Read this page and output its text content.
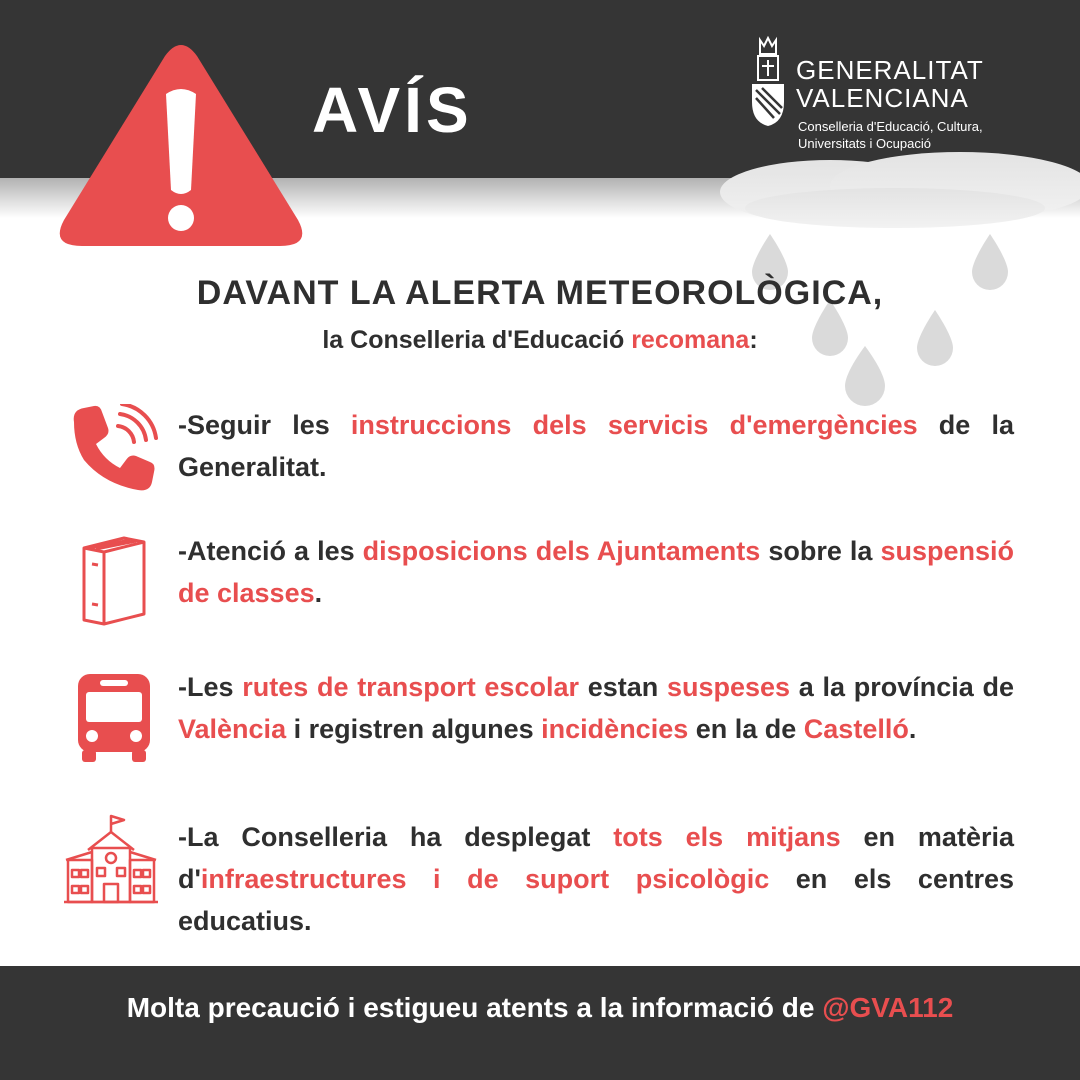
AVÍS
GENERALITAT
VALENCIANA
Conselleria d'Educació, Cultura,
Universitats i Ocupació
DAVANT LA ALERTA METEOROLÒGICA,
la Conselleria d'Educació recomana:
-Seguir les instruccions dels servicis d'emergències de la Generalitat.
-Atenció a les disposicions dels Ajuntaments sobre la suspensió de classes.
-Les rutes de transport escolar estan suspeses a la província de València i registren algunes incidències en la de Castelló.
-La Conselleria ha desplegat tots els mitjans en matèria d'infraestructures i de suport psicològic en els centres educatius.
Molta precaució i estigueu atents a la informació de @GVA112
